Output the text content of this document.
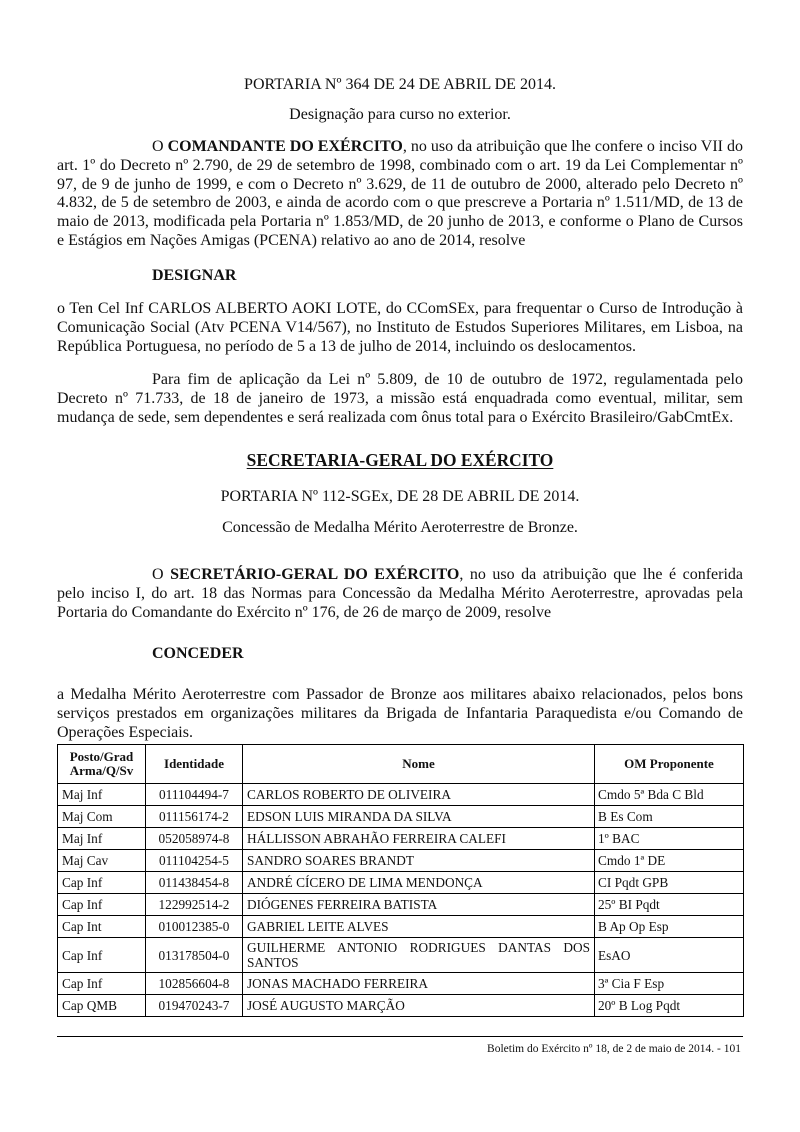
PORTARIA Nº 364 DE 24 DE ABRIL DE 2014.

Designação para curso no exterior.

O COMANDANTE DO EXÉRCITO, no uso da atribuição que lhe confere o inciso VII do art. 1º do Decreto nº 2.790, de 29 de setembro de 1998, combinado com o art. 19 da Lei Complementar nº 97, de 9 de junho de 1999, e com o Decreto nº 3.629, de 11 de outubro de 2000, alterado pelo Decreto nº 4.832, de 5 de setembro de 2003, e ainda de acordo com o que prescreve a Portaria nº 1.511/MD, de 13 de maio de 2013, modificada pela Portaria nº 1.853/MD, de 20 junho de 2013, e conforme o Plano de Cursos e Estágios em Nações Amigas (PCENA) relativo ao ano de 2014, resolve

DESIGNAR

o Ten Cel Inf CARLOS ALBERTO AOKI LOTE, do CComSEx, para frequentar o Curso de Introdução à Comunicação Social (Atv PCENA V14/567), no Instituto de Estudos Superiores Militares, em Lisboa, na República Portuguesa, no período de 5 a 13 de julho de 2014, incluindo os deslocamentos.

Para fim de aplicação da Lei nº 5.809, de 10 de outubro de 1972, regulamentada pelo Decreto nº 71.733, de 18 de janeiro de 1973, a missão está enquadrada como eventual, militar, sem mudança de sede, sem dependentes e será realizada com ônus total para o Exército Brasileiro/GabCmtEx.

SECRETARIA-GERAL DO EXÉRCITO

PORTARIA Nº 112-SGEx, DE 28 DE ABRIL DE 2014.

Concessão de Medalha Mérito Aeroterrestre de Bronze.

O SECRETÁRIO-GERAL DO EXÉRCITO, no uso da atribuição que lhe é conferida pelo inciso I, do art. 18 das Normas para Concessão da Medalha Mérito Aeroterrestre, aprovadas pela Portaria do Comandante do Exército nº 176, de 26 de março de 2009, resolve

CONCEDER

a Medalha Mérito Aeroterrestre com Passador de Bronze aos militares abaixo relacionados, pelos bons serviços prestados em organizações militares da Brigada de Infantaria Paraquedista e/ou Comando de Operações Especiais.

Posto/Grad
Arma/Q/Sv	Identidade	Nome	OM Proponente
Maj Inf	011104494-7	CARLOS ROBERTO DE OLIVEIRA	Cmdo 5ª Bda C Bld
Maj Com	011156174-2	EDSON LUIS MIRANDA DA SILVA	B Es Com
Maj Inf	052058974-8	HÁLLISSON ABRAHÃO FERREIRA CALEFI	1º BAC
Maj Cav	011104254-5	SANDRO SOARES BRANDT	Cmdo 1ª DE
Cap Inf	011438454-8	ANDRÉ CÍCERO DE LIMA MENDONÇA	CI Pqdt GPB
Cap Inf	122992514-2	DIÓGENES FERREIRA BATISTA	25º BI Pqdt
Cap Int	010012385-0	GABRIEL LEITE ALVES	B Ap Op Esp
Cap Inf	013178504-0	GUILHERME ANTONIO RODRIGUES DANTAS DOS SANTOS	EsAO
Cap Inf	102856604-8	JONAS MACHADO FERREIRA	3ª Cia F Esp
Cap QMB	019470243-7	JOSÉ AUGUSTO MARÇÃO	20º B Log Pqdt
Boletim do Exército nº 18, de 2 de maio de 2014. - 101
